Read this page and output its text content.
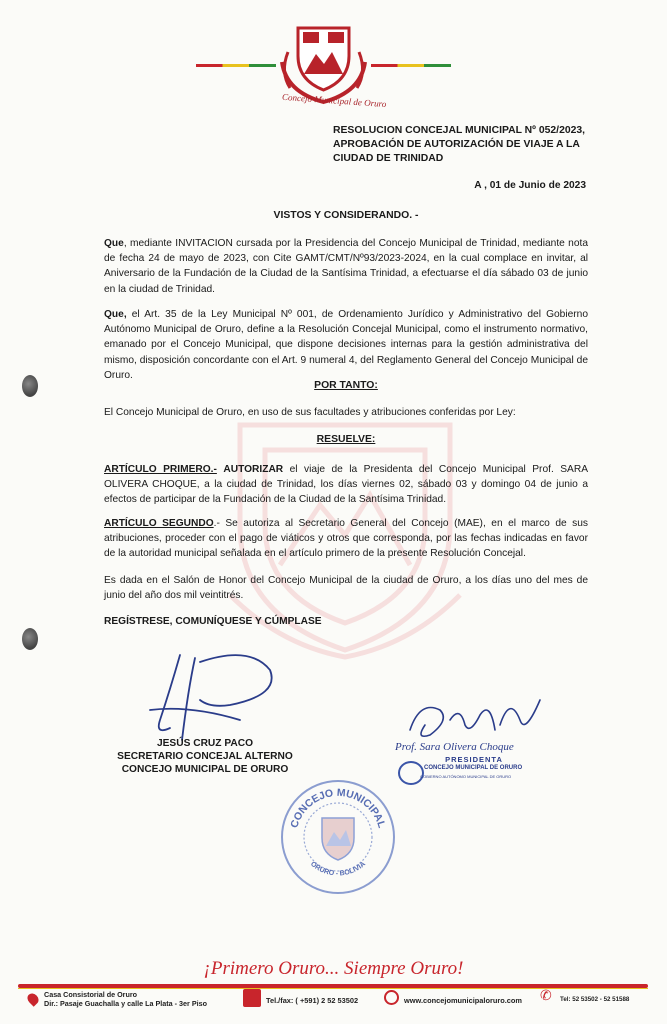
Concejo Municipal de Oruro
RESOLUCION CONCEJAL MUNICIPAL Nº 052/2023, APROBACIÓN DE AUTORIZACIÓN DE VIAJE A LA CIUDAD DE TRINIDAD
A , 01 de Junio de 2023
VISTOS Y CONSIDERANDO. -
Que, mediante INVITACION cursada por la Presidencia del Concejo Municipal de Trinidad, mediante nota de fecha 24 de mayo de 2023, con Cite GAMT/CMT/Nº93/2023-2024, en la cual complace en invitar, al Aniversario de la Fundación de la Ciudad de la Santísima Trinidad, a efectuarse el día sábado 03 de junio en la ciudad de Trinidad.
Que, el Art. 35 de la Ley Municipal Nº 001, de Ordenamiento Jurídico y Administrativo del Gobierno Autónomo Municipal de Oruro, define a la Resolución Concejal Municipal, como el instrumento normativo, emanado por el Concejo Municipal, que dispone decisiones internas para la gestión administrativa del mismo, disposición concordante con el Art. 9 numeral 4, del Reglamento General del Concejo Municipal de Oruro.
POR TANTO:
El Concejo Municipal de Oruro, en uso de sus facultades y atribuciones conferidas por Ley:
RESUELVE:
ARTÍCULO PRIMERO.- AUTORIZAR el viaje de la Presidenta del Concejo Municipal Prof. SARA OLIVERA CHOQUE, a la ciudad de Trinidad, los días viernes 02, sábado 03 y domingo 04 de junio a efectos de participar de la Fundación de la Ciudad de la Santísima Trinidad.
ARTÍCULO SEGUNDO.- Se autoriza al Secretario General del Concejo (MAE), en el marco de sus atribuciones, proceder con el pago de viáticos y otros que corresponda, por las fechas indicadas en favor de la autoridad municipal señalada en el artículo primero de la presente Resolución Concejal.
Es dada en el Salón de Honor del Concejo Municipal de la ciudad de Oruro, a los días uno del mes de junio del año dos mil veintitrés.
REGÍSTRESE, COMUNÍQUESE Y CÚMPLASE
JESÚS CRUZ PACO
SECRETARIO CONCEJAL ALTERNO
CONCEJO MUNICIPAL DE ORURO
Prof. Sara Olivera Choque
PRESIDENTA
CONCEJO MUNICIPAL DE ORURO
GOBIERNO AUTÓNOMO MUNICIPAL DE ORURO
CONCEJO MUNICIPAL
ORURO - BOLIVIA
¡Primero Oruro... Siempre Oruro!
Casa Consistorial de Oruro
Dir.: Pasaje Guachalla y calle La Plata - 3er Piso	Tel./fax: ( +591) 2 52 53502	www.concejomunicipaloruro.com ✆ Tel: 52 53502 - 52 51588
